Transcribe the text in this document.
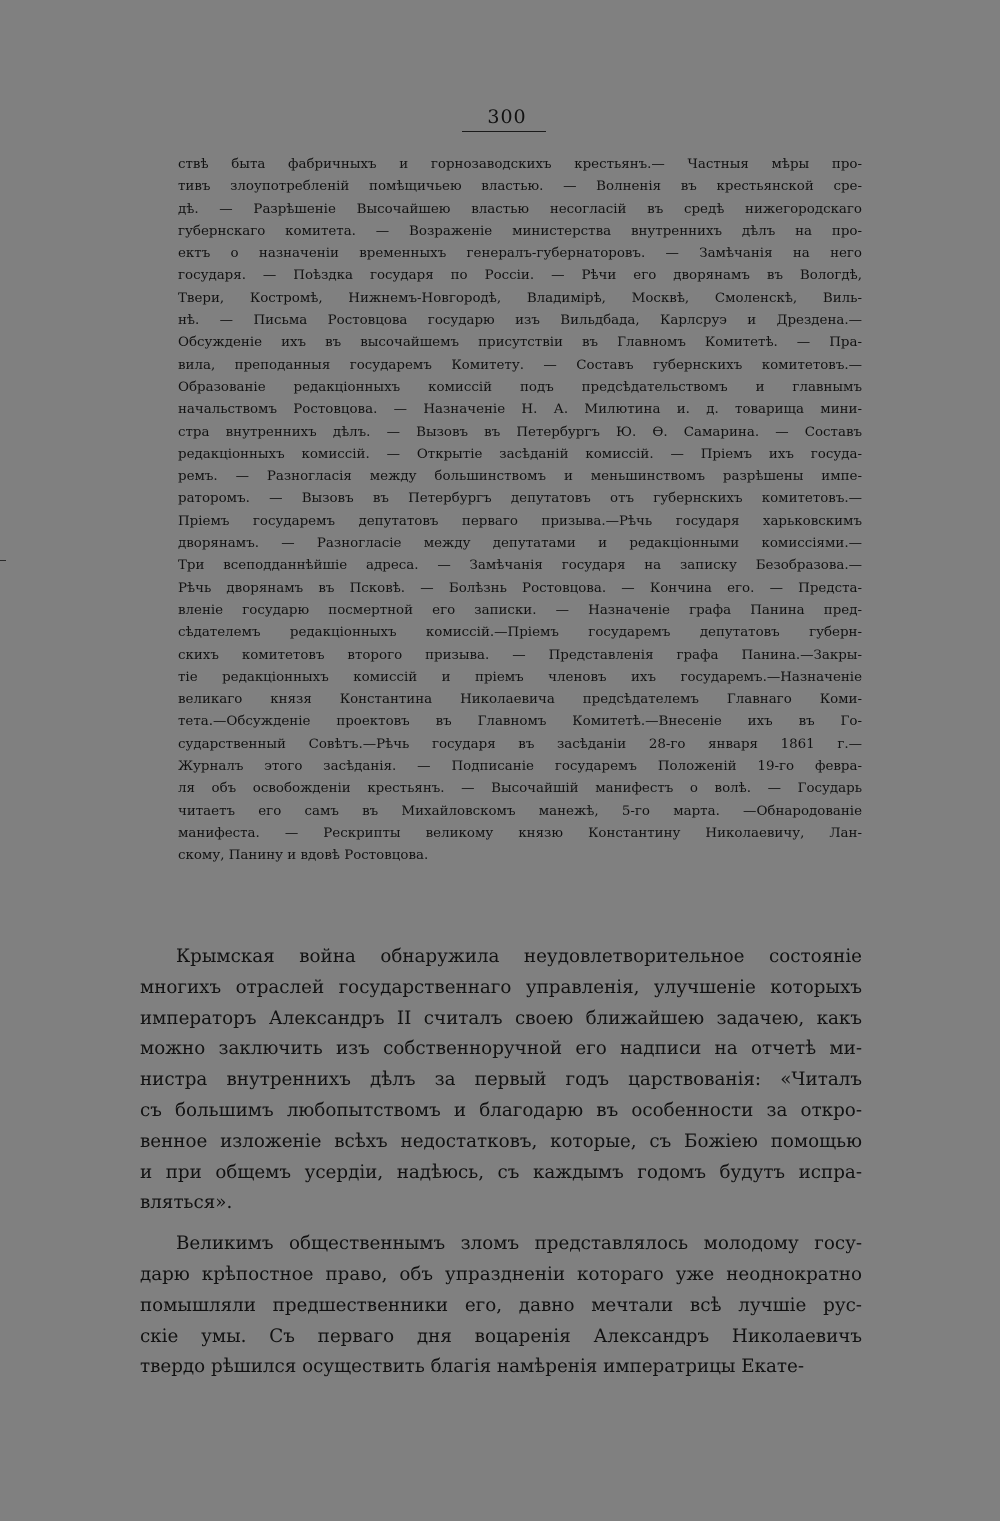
300
ствѣ быта фабричныхъ и горнозаводскихъ крестьянъ.— Частныя мѣры про-
тивъ злоупотребленій помѣщичьею властью. — Волненія въ крестьянской сре-
дѣ. — Разрѣшеніе Высочайшею властью несогласій въ средѣ нижегородскаго
губернскаго комитета. — Возраженіе министерства внутреннихъ дѣлъ на про-
ектъ о назначеніи временныхъ генералъ-губернаторовъ. — Замѣчанія на него
государя. — Поѣздка государя по Россіи. — Рѣчи его дворянамъ въ Вологдѣ,
Твери, Костромѣ, Нижнемъ-Новгородѣ, Владимірѣ, Москвѣ, Смоленскѣ, Виль-
нѣ. — Письма Ростовцова государю изъ Вильдбада, Карлсруэ и Дрездена.—
Обсужденіе ихъ въ высочайшемъ присутствіи въ Главномъ Комитетѣ. — Пра-
вила, преподанныя государемъ Комитету. — Составъ губернскихъ комитетовъ.—
Образованіе редакціонныхъ комиссій подъ предсѣдательствомъ и главнымъ
начальствомъ Ростовцова. — Назначеніе Н. А. Милютина и. д. товарища мини-
стра внутреннихъ дѣлъ. — Вызовъ въ Петербургъ Ю. Ѳ. Самарина. — Составъ
редакціонныхъ комиссій. — Открытіе засѣданій комиссій. — Пріемъ ихъ госуда-
ремъ. — Разногласія между большинствомъ и меньшинствомъ разрѣшены импе-
раторомъ. — Вызовъ въ Петербургъ депутатовъ отъ губернскихъ комитетовъ.—
Пріемъ государемъ депутатовъ перваго призыва.—Рѣчь государя харьковскимъ
дворянамъ. — Разногласіе между депутатами и редакціонными комиссіями.—
Три всеподданнѣйшіе адреса. — Замѣчанія государя на записку Безобразова.—
Рѣчь дворянамъ въ Псковѣ. — Болѣзнь Ростовцова. — Кончина его. — Предста-
вленіе государю посмертной его записки. — Назначеніе графа Панина пред-
сѣдателемъ редакціонныхъ комиссій.—Пріемъ государемъ депутатовъ губерн-
скихъ комитетовъ второго призыва. — Представленія графа Панина.—Закры-
тіе редакціонныхъ комиссій и пріемъ членовъ ихъ государемъ.—Назначеніе
великаго князя Константина Николаевича предсѣдателемъ Главнаго Коми-
тета.—Обсужденіе проектовъ въ Главномъ Комитетѣ.—Внесеніе ихъ въ Го-
сударственный Совѣтъ.—Рѣчь государя въ засѣданіи 28-го января 1861 г.—
Журналъ этого засѣданія. — Подписаніе государемъ Положеній 19-го февра-
ля объ освобожденіи крестьянъ. — Высочайшій манифестъ о волѣ. — Государь
читаетъ его самъ въ Михайловскомъ манежѣ, 5-го марта. —Обнародованіе
манифеста. — Рескрипты великому князю Константину Николаевичу, Лан-
скому, Панину и вдовѣ Ростовцова.
Крымская война обнаружила неудовлетворительное состояніе
многихъ отраслей государственнаго управленія, улучшеніе которыхъ
императоръ Александръ II считалъ своею ближайшею задачею, какъ
можно заключить изъ собственноручной его надписи на отчетѣ ми-
нистра внутреннихъ дѣлъ за первый годъ царствованія: «Читалъ
съ большимъ любопытствомъ и благодарю въ особенности за откро-
венное изложеніе всѣхъ недостатковъ, которые, съ Божіею помощью
и при общемъ усердіи, надѣюсь, съ каждымъ годомъ будутъ испра-
вляться».
Великимъ общественнымъ зломъ представлялось молодому госу-
дарю крѣпостное право, объ упраздненіи котораго уже неоднократно
помышляли предшественники его, давно мечтали всѣ лучшіе рус-
скіе умы. Съ перваго дня воцаренія Александръ Николаевичъ
твердо рѣшился осуществить благія намѣренія императрицы Екате-
